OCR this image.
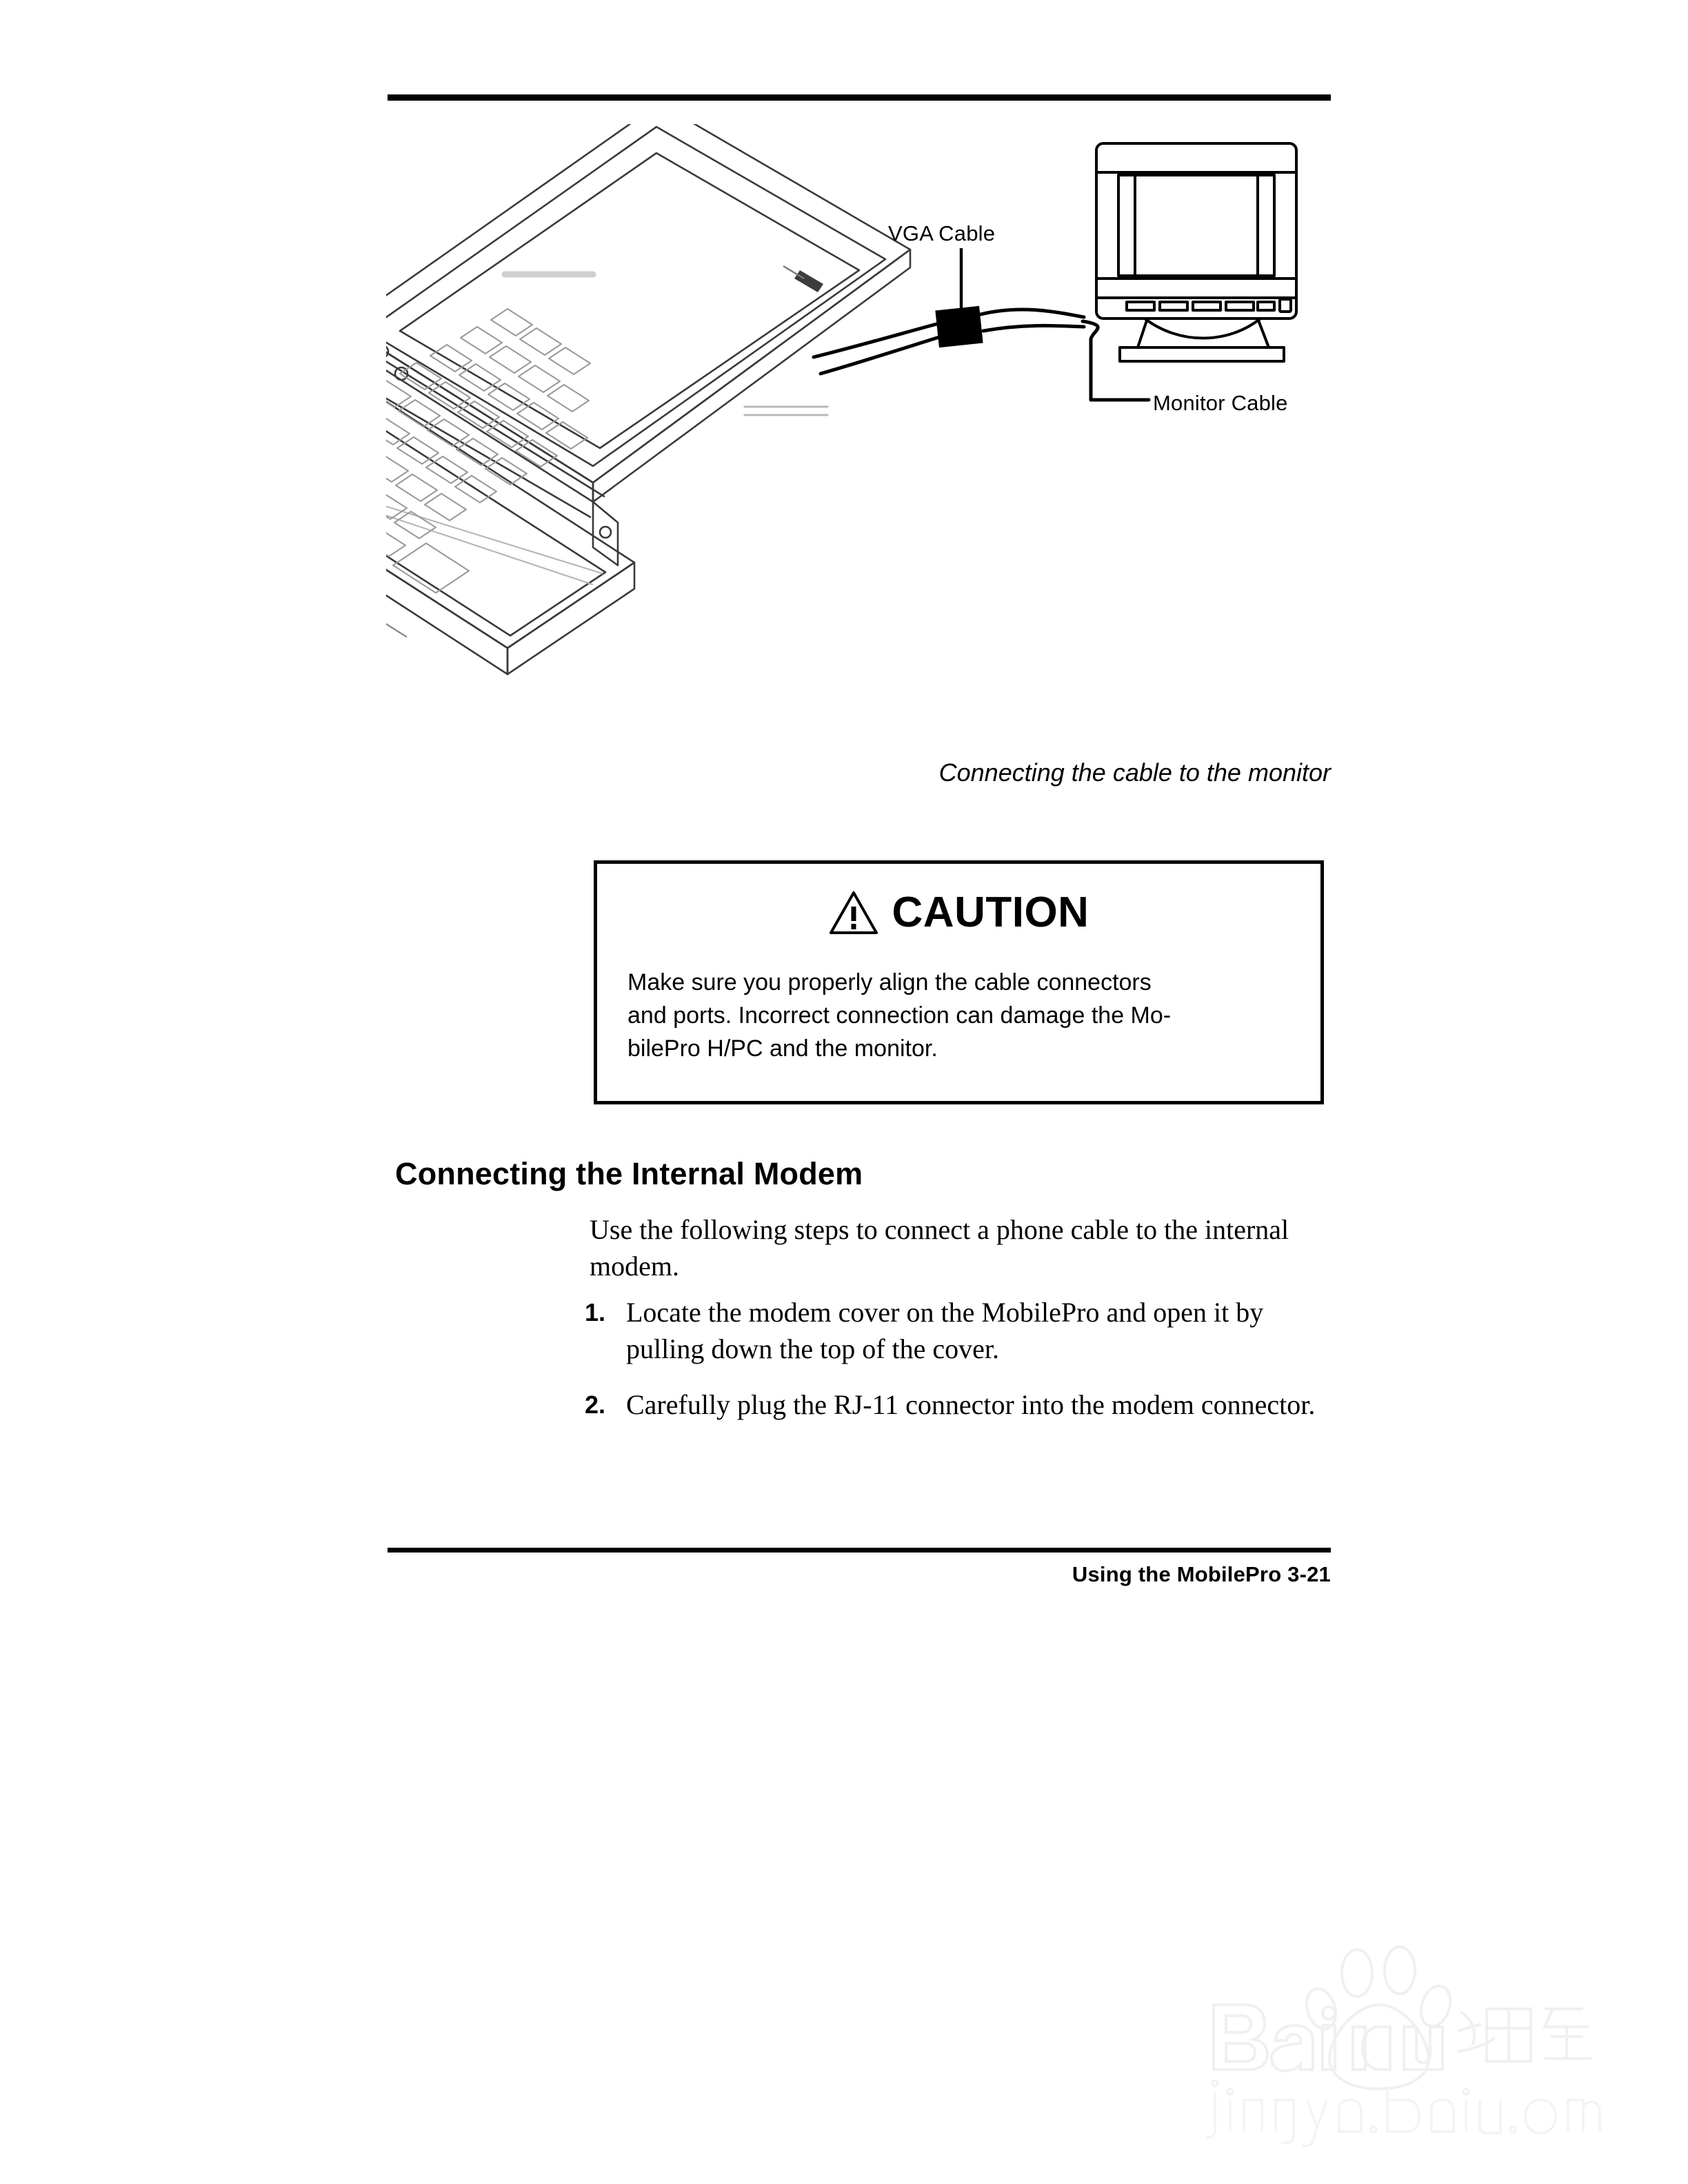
VGA Cable
Monitor Cable
Connecting the cable to the monitor
CAUTION

Make sure you properly align the cable connectors

and ports. Incorrect connection can damage the Mo-

bilePro H/PC and the monitor.

Connecting the Internal Modem

Use the following steps to connect a phone cable to the internal modem.

1. Locate the modem cover on the MobilePro and open it by pulling down the top of the cover.
2. Carefully plug the RJ-11 connector into the modem connector.
Using the MobilePro 3-21
